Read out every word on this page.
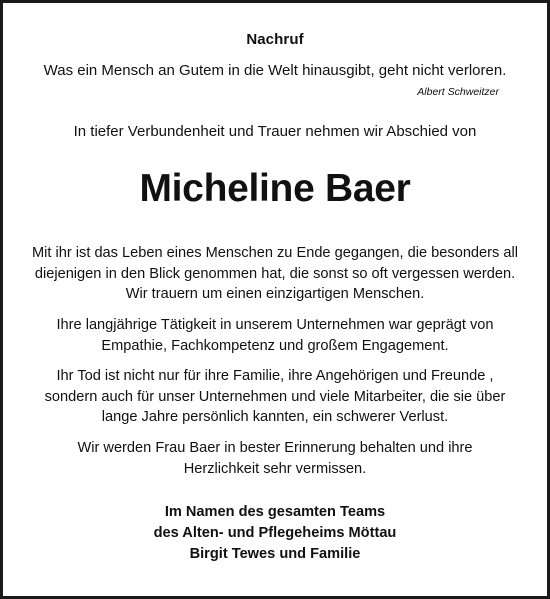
Nachruf
Was ein Mensch an Gutem in die Welt hinausgibt, geht nicht verloren.
Albert Schweitzer
In tiefer Verbundenheit und Trauer nehmen wir Abschied von
Micheline Baer
Mit ihr ist das Leben eines Menschen zu Ende gegangen, die besonders all
diejenigen in den Blick genommen hat, die sonst so oft vergessen werden.
Wir trauern um einen einzigartigen Menschen.
Ihre langjährige Tätigkeit in unserem Unternehmen war geprägt von
Empathie, Fachkompetenz und großem Engagement.
Ihr Tod ist nicht nur für ihre Familie, ihre Angehörigen und Freunde ,
sondern auch für unser Unternehmen und viele Mitarbeiter, die sie über
lange Jahre persönlich kannten, ein schwerer Verlust.
Wir werden Frau Baer in bester Erinnerung behalten und ihre
Herzlichkeit sehr vermissen.
Im Namen des gesamten Teams
des Alten- und Pflegeheims Möttau
Birgit Tewes und Familie
